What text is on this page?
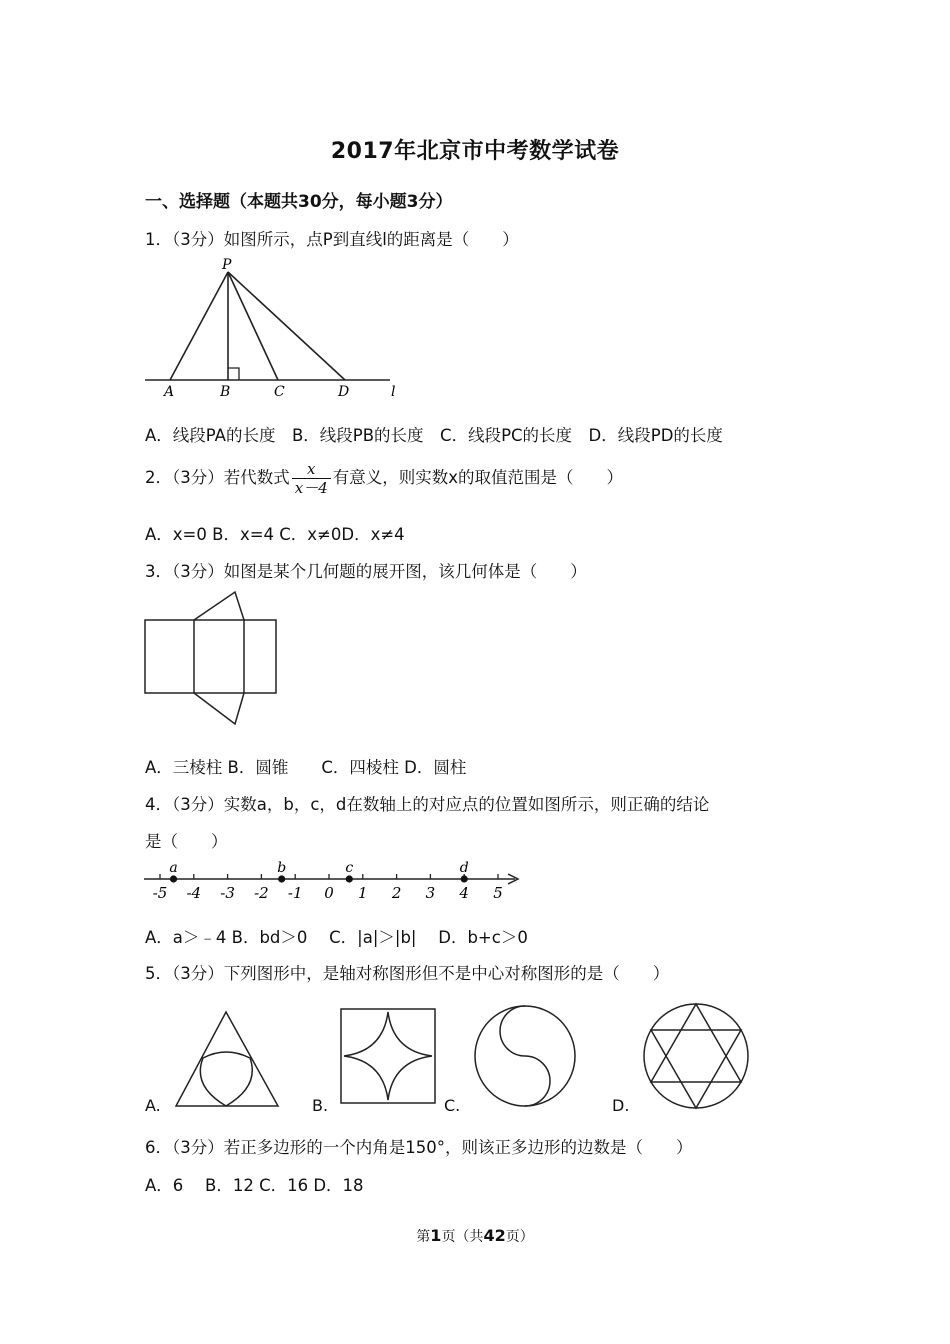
2017年北京市中考数学试卷
一、选择题（本题共30分，每小题3分）
1．（3分）如图所示，点P到直线l的距离是（　　）
P
A	B	C	D	l
A．线段PA的长度　B．线段PB的长度　C．线段PC的长度　D．线段PD的长度
2．（3分）若代数式 $\frac{x}{x-4}$ 有意义，则实数x的取值范围是（　　）
A．x=0 B．x=4 C．x≠0D．x≠4
3．（3分）如图是某个几何题的展开图，该几何体是（　　）
A．三棱柱 B．圆锥　　C．四棱柱 D．圆柱
4．（3分）实数a，b，c，d在数轴上的对应点的位置如图所示，则正确的结论
是（　　）
-5 -4 -3 -2 -1 0 1 2 3 4 5
a	b	c	d
A．a＞﹣4 B．bd＞0　 C．|a|＞|b|　 D．b+c＞0
5．（3分）下列图形中，是轴对称图形但不是中心对称图形的是（　　）
A.	B.	C.	D.
6．（3分）若正多边形的一个内角是150°，则该正多边形的边数是（　　）
A．6　 B．12 C．16 D．18
第1页（共42页）
